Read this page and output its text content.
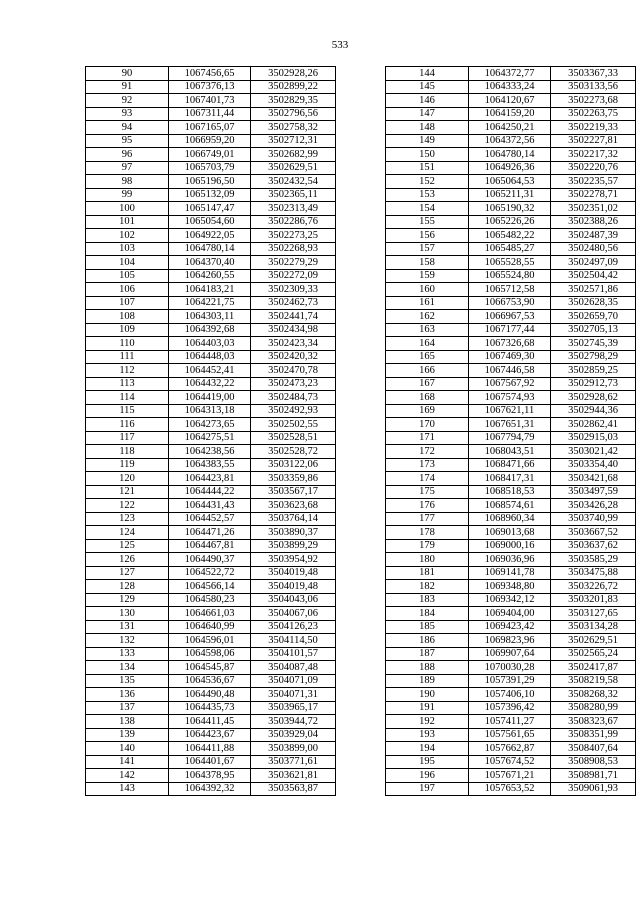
533
90	1067456,65	3502928,26
91	1067376,13	3502899,22
92	1067401,73	3502829,35
93	1067311,44	3502796,56
94	1067165,07	3502758,32
95	1066959,20	3502712,31
96	1066749,01	3502682,99
97	1065703,79	3502629,51
98	1065196,50	3502432,54
99	1065132,09	3502365,11
100	1065147,47	3502313,49
101	1065054,60	3502286,76
102	1064922,05	3502273,25
103	1064780,14	3502268,93
104	1064370,40	3502279,29
105	1064260,55	3502272,09
106	1064183,21	3502309,33
107	1064221,75	3502462,73
108	1064303,11	3502441,74
109	1064392,68	3502434,98
110	1064403,03	3502423,34
111	1064448,03	3502420,32
112	1064452,41	3502470,78
113	1064432,22	3502473,23
114	1064419,00	3502484,73
115	1064313,18	3502492,93
116	1064273,65	3502502,55
117	1064275,51	3502528,51
118	1064238,56	3502528,72
119	1064383,55	3503122,06
120	1064423,81	3503359,86
121	1064444,22	3503567,17
122	1064431,43	3503623,68
123	1064452,57	3503764,14
124	1064471,26	3503890,37
125	1064467,81	3503899,29
126	1064490,37	3503954,92
127	1064522,72	3504019,48
128	1064566,14	3504019,48
129	1064580,23	3504043,06
130	1064661,03	3504067,06
131	1064640,99	3504126,23
132	1064596,01	3504114,50
133	1064598,06	3504101,57
134	1064545,87	3504087,48
135	1064536,67	3504071,09
136	1064490,48	3504071,31
137	1064435,73	3503965,17
138	1064411,45	3503944,72
139	1064423,67	3503929,04
140	1064411,88	3503899,00
141	1064401,67	3503771,61
142	1064378,95	3503621,81
143	1064392,32	3503563,87
144	1064372,77	3503367,33
145	1064333,24	3503133,56
146	1064120,67	3502273,68
147	1064159,20	3502263,75
148	1064250,21	3502219,33
149	1064372,56	3502227,81
150	1064780,14	3502217,32
151	1064926,36	3502220,76
152	1065064,53	3502235,57
153	1065211,31	3502278,71
154	1065190,32	3502351,02
155	1065226,26	3502388,26
156	1065482,22	3502487,39
157	1065485,27	3502480,56
158	1065528,55	3502497,09
159	1065524,80	3502504,42
160	1065712,58	3502571,86
161	1066753,90	3502628,35
162	1066967,53	3502659,70
163	1067177,44	3502705,13
164	1067326,68	3502745,39
165	1067469,30	3502798,29
166	1067446,58	3502859,25
167	1067567,92	3502912,73
168	1067574,93	3502928,62
169	1067621,11	3502944,36
170	1067651,31	3502862,41
171	1067794,79	3502915,03
172	1068043,51	3503021,42
173	1068471,66	3503354,40
174	1068417,31	3503421,68
175	1068518,53	3503497,59
176	1068574,61	3503426,28
177	1068960,34	3503740,99
178	1069013,68	3503667,52
179	1069000,16	3503637,62
180	1069036,96	3503585,29
181	1069141,78	3503475,88
182	1069348,80	3503226,72
183	1069342,12	3503201,83
184	1069404,00	3503127,65
185	1069423,42	3503134,28
186	1069823,96	3502629,51
187	1069907,64	3502565,24
188	1070030,28	3502417,87
189	1057391,29	3508219,58
190	1057406,10	3508268,32
191	1057396,42	3508280,99
192	1057411,27	3508323,67
193	1057561,65	3508351,99
194	1057662,87	3508407,64
195	1057674,52	3508908,53
196	1057671,21	3508981,71
197	1057653,52	3509061,93
